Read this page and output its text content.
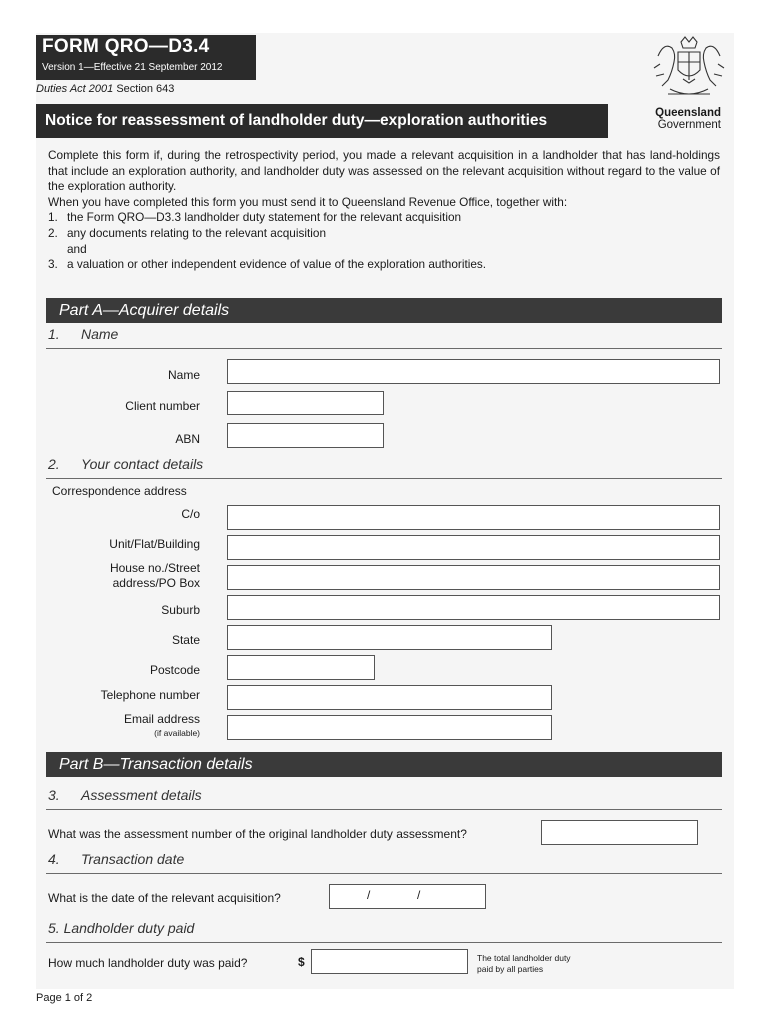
FORM QRO—D3.4
Version 1—Effective 21 September 2012
Duties Act 2001 Section 643
Notice for reassessment of landholder duty—exploration authorities	Queensland
Government

Complete this form if, during the retrospectivity period, you made a relevant acquisition in a landholder that has land-holdings that include an exploration authority, and landholder duty was assessed on the relevant acquisition without regard to the value of the exploration authority.

When you have completed this form you must send it to Queensland Revenue Office, together with:

1. the Form QRO—D3.3 landholder duty statement for the relevant acquisition
2. any documents relating to the relevant acquisition
and
3. a valuation or other independent evidence of value of the exploration authorities.
Part A—Acquirer details
1. Name
Name
Client number
ABN
2. Your contact details
Correspondence address
C/o
Unit/Flat/Building
House no./Street
address/PO Box
Suburb
State
Postcode
Telephone number
Email address
(if available)
Part B—Transaction details
3. Assessment details
What was the assessment number of the original landholder duty assessment?
4. Transaction date
What is the date of the relevant acquisition?	/	/
5. Landholder duty paid
How much landholder duty was paid?	$	The total landholder duty
paid by all parties
Page 1 of 2
